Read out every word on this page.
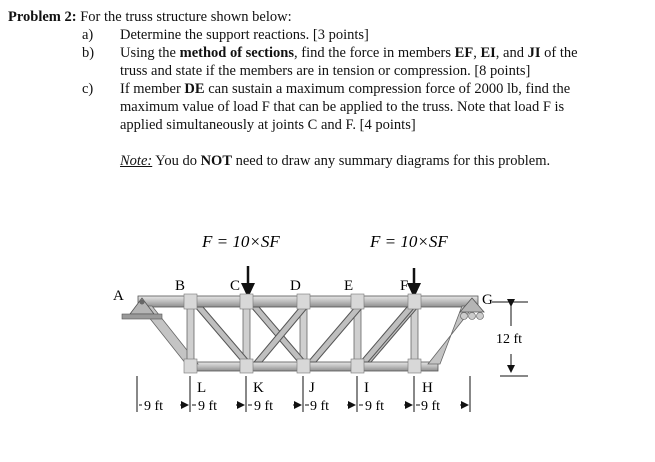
Problem 2: For the truss structure shown below:
a) Determine the support reactions. [3 points]
b) Using the method of sections, find the force in members EF, EI, and JI of the
truss and state if the members are in tension or compression. [8 points]
c) If member DE can sustain a maximum compression force of 2000 lb, find the
maximum value of load F that can be applied to the truss. Note that load F is
applied simultaneously at joints C and F. [4 points]
Note: You do NOT need to draw any summary diagrams for this problem.
F = 10×SF	F = 10×SF
A
B	C	D	E	F
G
L	K	J	I	H
12 ft
9 ft 9 ft	9 ft	9 ft	9 ft	9 ft
